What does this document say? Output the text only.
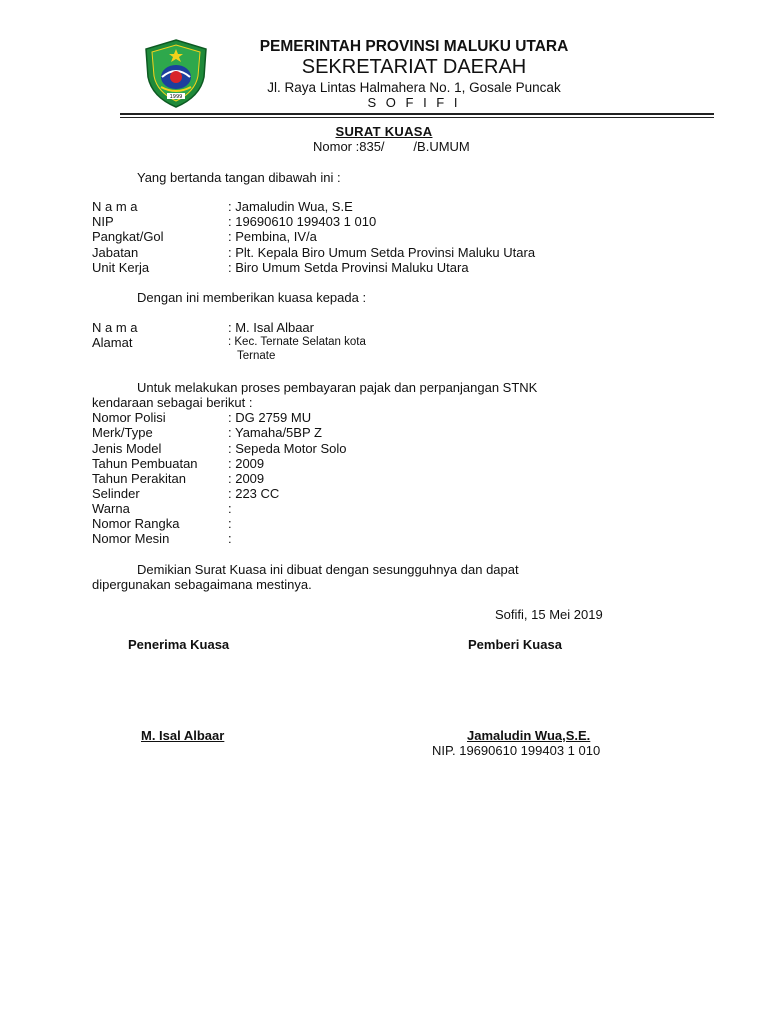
1999
PEMERINTAH PROVINSI MALUKU UTARA
SEKRETARIAT DAERAH
Jl. Raya Lintas Halmahera No. 1, Gosale Puncak
S O F I F I
SURAT KUASA
Nomor :835/        /B.UMUM
Yang bertanda tangan dibawah ini :
N a m a	: Jamaludin Wua, S.E
NIP	: 19690610 199403 1 010
Pangkat/Gol	: Pembina, IV/a
Jabatan	: Plt. Kepala Biro Umum Setda Provinsi Maluku Utara
Unit Kerja	: Biro Umum Setda Provinsi Maluku Utara
Dengan ini memberikan kuasa kepada :
N a m a	: M. Isal Albaar
Alamat	: Kec. Ternate Selatan kota
Ternate
Untuk melakukan proses pembayaran pajak dan perpanjangan STNK
kendaraan sebagai berikut :
Nomor Polisi	: DG 2759 MU
Merk/Type	: Yamaha/5BP Z
Jenis Model	: Sepeda Motor Solo
Tahun Pembuatan : 2009
Tahun Perakitan	: 2009
Selinder	: 223 CC
Warna	:
Nomor Rangka	:
Nomor Mesin	:
Demikian Surat Kuasa ini dibuat dengan sesungguhnya dan dapat
dipergunakan sebagaimana mestinya.
Sofifi, 15 Mei 2019
Penerima Kuasa	Pemberi Kuasa
M. Isal Albaar	Jamaludin Wua,S.E.
NIP. 19690610 199403 1 010
